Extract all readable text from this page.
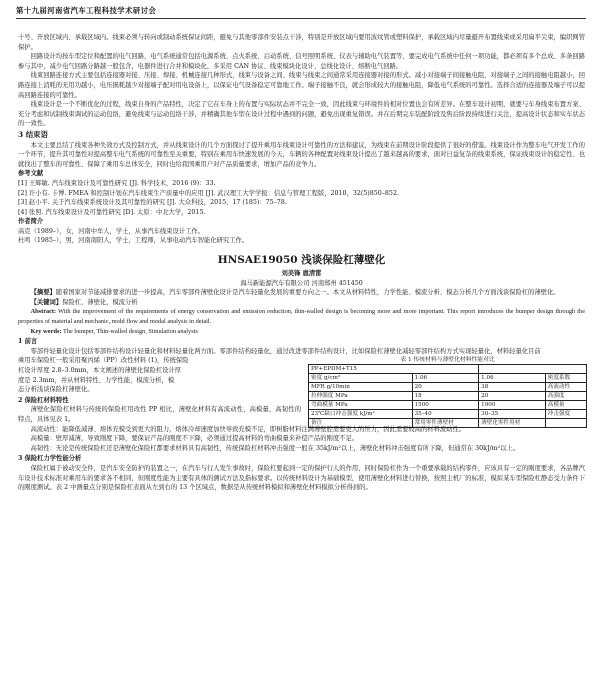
第十九届河南省汽车工程科技学术研讨会

十号、开放区域内、承载区域内。线束必须与转向或制动系统保证间距，避免与其他零部件安装点干涉，特别是开放区域内要用波纹管或塑料保护，承载区域内尽量避开布置线束或采用扁平尖束，编织网管保护。

回路设计均按车型定位和配置的电气回路，电气系统通常包括电源系统、点火系统、启动系统、信号照明系统、仪表与辅助电气装置等，要完成电气系统中任何一项功能，都必须有多个总成、多条回路参与其中，减少电气回路分路越一般包含，电器件进行合并和模块化，多采用 CAN 协议、线束模块化设计、总线化设计、熔断电气回路。

线束回路连接方式主要包括连接器对接、压接、焊接、机械连接几种形式，线束与设备之间、线束与线束之间通常采用连接器对接的形式。减小对接端子间接触电阻，对接端子之间的接触电阻越小，回路连接上消耗的无用功越小，电压损耗越少对接端子配对用电设备上，以保证电气设备稳定可靠地工作。端子接触不良，就会形成较大的接触电阻，降低电气系统的可靠性。选择合适的连接器及端子可以提高回路连接的可靠性。

线束设计是一个不断优化的过程，线束自身的产品特性，决定了它在车身上的布置与实际状态并不完全一致，因此线束与环境件的相对位置也会有所差异。在整车设计初期，就要与车身线束布置方案、充分考虑和试制线束调试的运动包络，避免线束与运动包络干涉，并精确其他车型在设计过程中遇到的问题，避免出现重复错误。并在后期完车装配阶段及售后阶段持续进行关注，提高设计状态和实车状态的一致性。

3 结束语

本文主要总结了线束各种失效方式及控制方式，并从线束设计的几个方面探讨了提升乘用车线束设计可靠性的方法和建议，为线束在前期设计阶段提供了很好的借鉴。线束设计作为整车电气开发工作的一个环节，提升其可靠性对提高整车电气系统的可靠性至关重要，特别在乘用车快速发展的今天，车辆的各种配置对线束设计提出了越来越高的要求，面对日益复杂的线束系统，保证线束设计的稳定性、也就找出了整车的可靠性、保障了乘用车总体安全，同时也给我国乘用户对产品质量要求，增加产品的竞争力。

参考文献

[1] 王辉敏. 汽车线束设计及可靠性研究 [J]. 科学技术，2016 (9)：33.

[2] 许小有. 卡博. FMEA 和控制计划在汽车线束生产质量中的应用 [J]. 武汉理工大学学报：信息与管理工程版，2010，32(5)850–852.

[3] 赵小平. 关于汽车线束系统设计及其可靠性的研究 [J]. 大众科技，2015，17 (185)：75–78.

[4] 张照. 汽车线束设计及可靠性研究 [D]. 太原：中北大学，2015.

作者简介

高克（1989–），女，河南中牟人，学士，从事汽车线束设计工作。

杜鸣（1985–），男，河南南阳人，学士，工程师，从事电动汽车智能化研究工作。

HNSAE19050 浅谈保险杠薄壁化
刘美锋 扈清雷
海马新能源汽车有限公司 河南郑州 451450

【摘要】随着国家对节能减排要求的进一步提高，汽车零部件薄壁化设计是汽车轻量化发展的重要方向之一。本文从材料特性，力学性能、模流分析、模态分析几个方面浅谈保险杠的薄壁化。

【关键词】保险杠，薄壁化，模流分析

Abstract: With the improvement of the requirements of energy conservation and emission reduction, thin-walled design is becoming more and more important. This report introduces the bumper design through the properties of material and mechanic, mold flow and modal analysis in detail.

Key words: The bumper, Thin-walled design, Simulation analysis

1 前言

零部件轻量化设计包括零部件结构设计轻量化和材料轻量化两方面。零部件结构轻量化，通过改进零部件结构设计，比如保险杠薄壁化减轻零部件结构方式实现轻量化，材料轻量化目前

乘用车保险杠一般采用聚丙烯（PP）改性材料 (1)，传统保险

杠设计厚度 2.8–3.0mm，本文阐述的薄壁化保险杠设计厚

度是 2.3mm，并从材料特性、力学性能，模流分析，模

态分析浅谈保险杠薄壁化。

2 保险杠材料特性

薄壁化保险杠材料与传统的保险杠用改性 PP 相比，薄壁化材料有高流动性、高模量、高韧性的特点，具体见表 1。

表 1 传统材料与薄壁化材料性能对比
PP+EPDM+T15			
密度 g/cm³	1.06	1.06	密度系数
MFR g/10min	20	38	高流动性
拉伸强度 MPa	18	20	高强度
弯曲模量 MPa	1500	1900	高模量
23℃缺口冲击强度 kJ/m²	35–40	30–35	冲击强度
备注	常用零件薄壁材	薄壁化零件用材	

高流动性：能降低减薄、熔体充模受到更大的阻力，熔体冷却速度加快导致充模不足，即树脂材料注满薄壁腔需要更大的压力，因此需要较高的材料流动性。

高模量：壁厚减薄，导致刚度下降，要保证产品的刚度不下降，必须通过提高材料的弯曲模量来补偿产品的刚度不足。

高韧性：无论是传统保险杠还是薄壁化保险杠都要求材料具有高韧性，传统保险杠材料冲击强度一般在 35kJ/m²以上，薄壁化材料冲击强度有所下降，但通常在 30kJ/m²以上。

3 保险杠力学性能分析

保险杠属于被动安全件，是汽车安全防护的装置之一，在汽车与行人发生事故时，保险杠要起到一定的保护行人的作用，同时保险杠作为一个重要承载的结构零件，应该具有一定的刚度要求，各品牌汽车设计技术标准对乘用车的要求各不相同，但刚度性能为主要有具体的测试方法及指标要求。以传统材料设计为基础模型，使用薄壁化材料进行替换，按照主机厂的标准，模拟某车型保险杠静态受力条件下的刚度测试。表 2 中测量点分别是保险杠表面从左到右的 13 个区域点，数据是从传统材料模拟和薄壁化材料模拟分析得到的。
